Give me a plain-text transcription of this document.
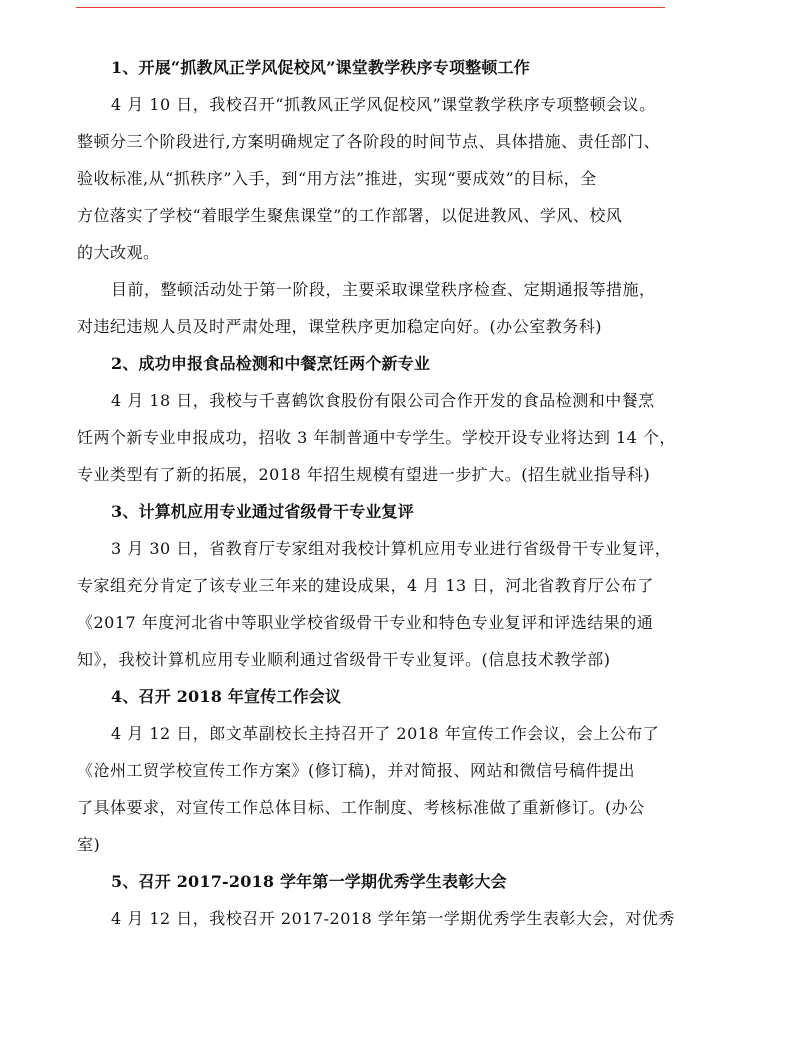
1、开展“抓教风正学风促校风”课堂教学秩序专项整顿工作
4 月 10 日，我校召开“抓教风正学风促校风”课堂教学秩序专项整顿会议。
整顿分三个阶段进行,方案明确规定了各阶段的时间节点、具体措施、责任部门、
验收标准,从“抓秩序”入手，到“用方法”推进，实现“要成效”的目标，全
方位落实了学校“着眼学生聚焦课堂”的工作部署，以促进教风、学风、校风
的大改观。
目前，整顿活动处于第一阶段，主要采取课堂秩序检查、定期通报等措施，
对违纪违规人员及时严肃处理，课堂秩序更加稳定向好。(办公室教务科)
2、成功申报食品检测和中餐烹饪两个新专业
4 月 18 日，我校与千喜鹤饮食股份有限公司合作开发的食品检测和中餐烹
饪两个新专业申报成功，招收 3 年制普通中专学生。学校开设专业将达到 14 个，
专业类型有了新的拓展，2018 年招生规模有望进一步扩大。(招生就业指导科)
3、计算机应用专业通过省级骨干专业复评
3 月 30 日，省教育厅专家组对我校计算机应用专业进行省级骨干专业复评，
专家组充分肯定了该专业三年来的建设成果，4 月 13 日，河北省教育厅公布了
《2017 年度河北省中等职业学校省级骨干专业和特色专业复评和评选结果的通
知》，我校计算机应用专业顺利通过省级骨干专业复评。(信息技术教学部)
4、召开 2018 年宣传工作会议
4 月 12 日，郎文革副校长主持召开了 2018 年宣传工作会议，会上公布了
《沧州工贸学校宣传工作方案》(修订稿)，并对简报、网站和微信号稿件提出
了具体要求，对宣传工作总体目标、工作制度、考核标准做了重新修订。(办公
室)
5、召开 2017-2018 学年第一学期优秀学生表彰大会
4 月 12 日，我校召开 2017-2018 学年第一学期优秀学生表彰大会，对优秀
